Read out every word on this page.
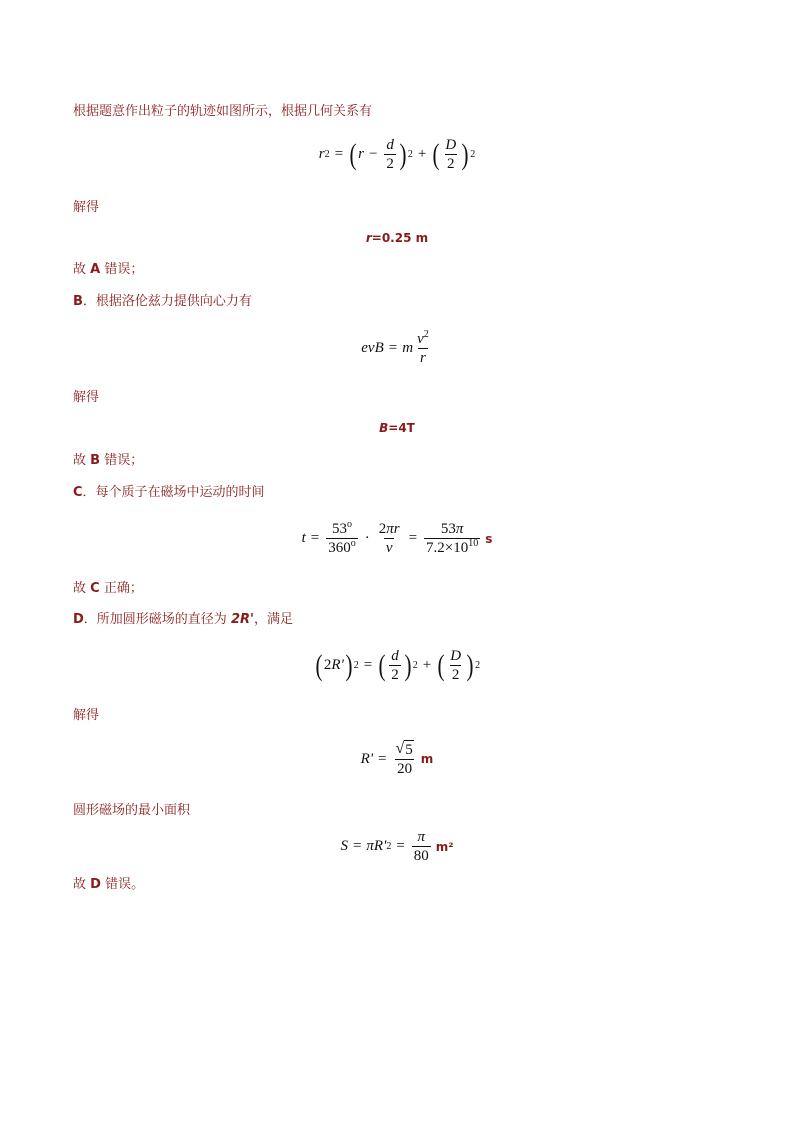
根据题意作出粒子的轨迹如图所示，根据几何关系有
r 2 = ( $r - \frac{d}{2}$ ) 2 + ( $\frac{D}{2}$ ) 2
解得
r=0.25 m
故 A 错误；
B．根据洛伦兹力提供向心力有
evB = m $\frac{v^2}{r}$
解得
B=4T
故 B 错误；
C．每个质子在磁场中运动的时间
$t = \frac{53^o}{360^o} \cdot \frac{2\pi r}{v} = \frac{53\pi}{7.2\times 10^{10}}$ s
故 C 正确；
D．所加圆形磁场的直径为 2R'，满足
( 2 R' ) 2 = ( $\frac{d}{2}$ ) 2 + ( $\frac{D}{2}$ ) 2
解得
$R' = \frac{√ 5}{20}$ m
圆形磁场的最小面积
S = πR' $2 = \frac{\pi}{80} m^2$
故 D 错误。
